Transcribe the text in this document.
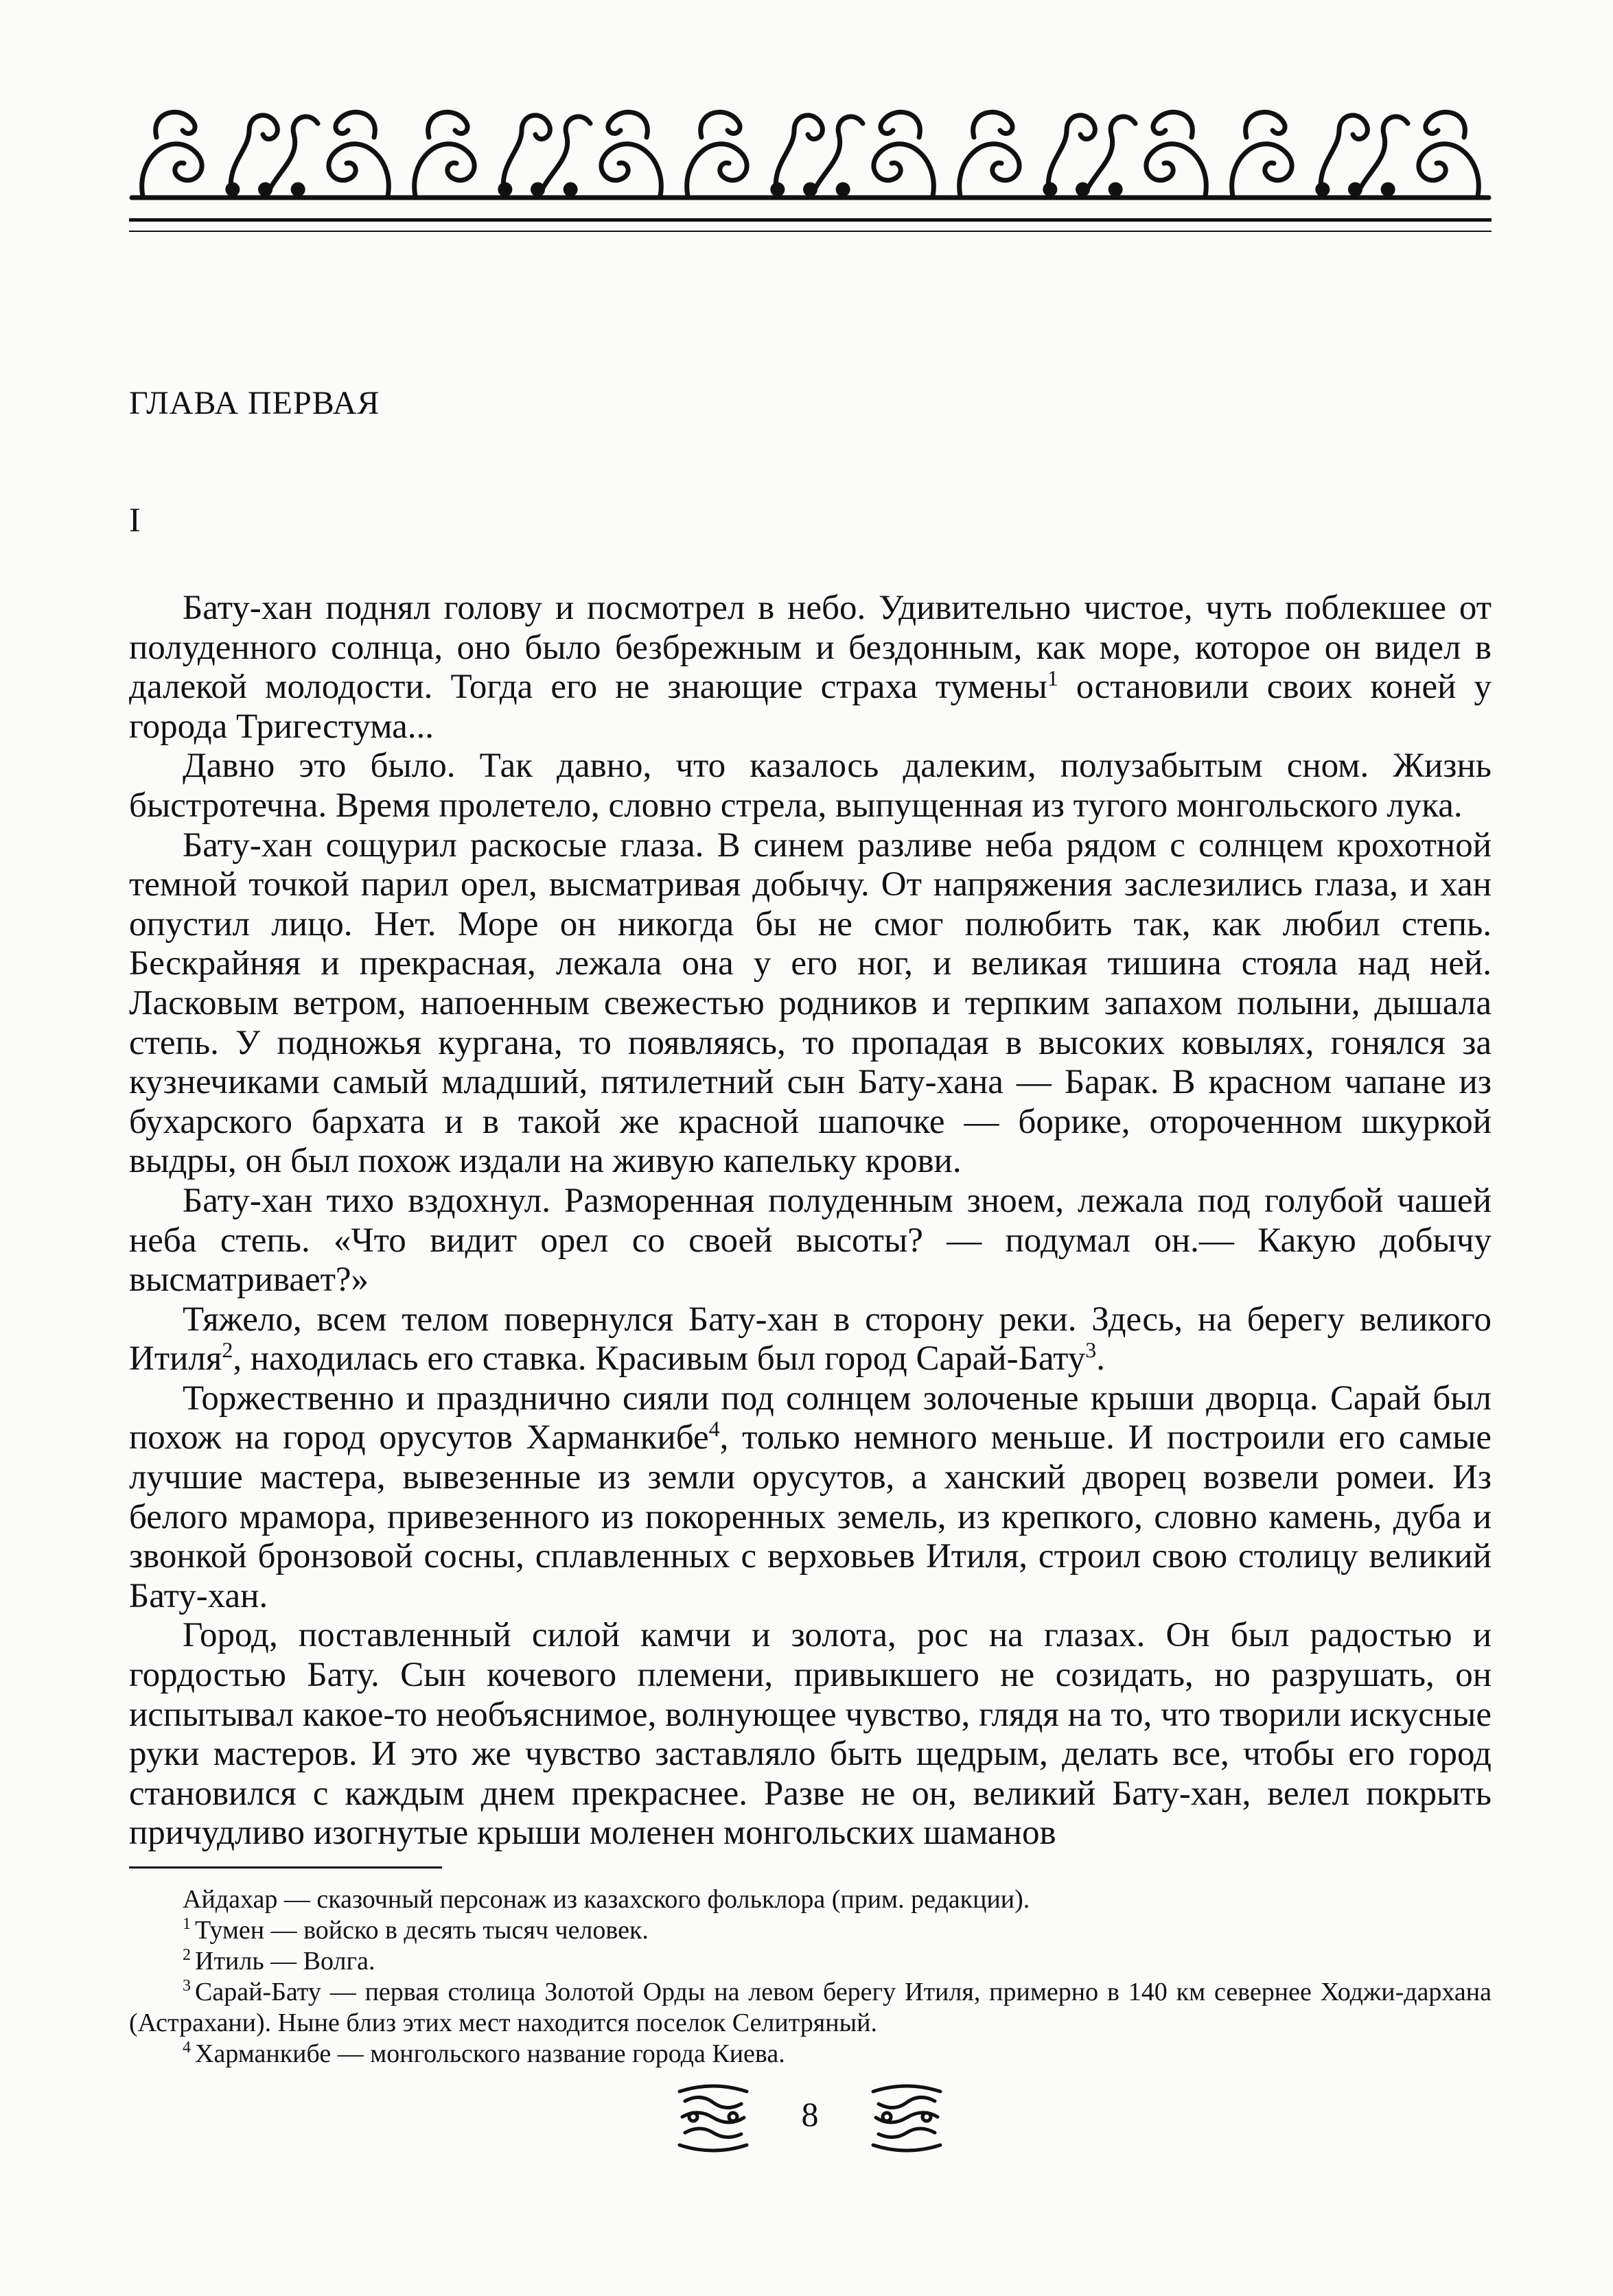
ГЛАВА ПЕРВАЯ
I

Бату-хан поднял голову и посмотрел в небо. Удивительно чистое, чуть поблекшее от полуденного солнца, оно было безбрежным и бездонным, как море, которое он видел в далекой молодости. Тогда его не знающие страха тумены$^1$ остановили своих коней у города Тригестума...

Давно это было. Так давно, что казалось далеким, полузабытым сном. Жизнь быстротечна. Время пролетело, словно стрела, выпущенная из тугого монгольского лука.

Бату-хан сощурил раскосые глаза. В синем разливе неба рядом с солнцем крохотной темной точкой парил орел, высматривая добычу. От напряжения заслезились глаза, и хан опустил лицо. Нет. Море он никогда бы не смог полюбить так, как любил степь. Бескрайняя и прекрасная, лежала она у его ног, и великая тишина стояла над ней. Ласковым ветром, напоенным свежестью родников и терпким запахом полыни, дышала степь. У подножья кургана, то появляясь, то пропадая в высоких ковылях, гонялся за кузнечиками самый младший, пятилетний сын Бату-хана — Барак. В красном чапане из бухарского бархата и в такой же красной шапочке — борике, отороченном шкуркой выдры, он был похож издали на живую капельку крови.

Бату-хан тихо вздохнул. Разморенная полуденным зноем, лежала под голубой чашей неба степь. «Что видит орел со своей высоты? — подумал он.— Какую добычу высматривает?»

Тяжело, всем телом повернулся Бату-хан в сторону реки. Здесь, на берегу великого Итиля$^2$, находилась его ставка. Красивым был город Сарай-Бату$^3$.

Торжественно и празднично сияли под солнцем золоченые крыши дворца. Сарай был похож на город орусутов Харманкибе$^4$, только немного меньше. И построили его самые лучшие мастера, вывезенные из земли орусутов, а ханский дворец возвели ромеи. Из белого мрамора, привезенного из покоренных земель, из крепкого, словно камень, дуба и звонкой бронзовой сосны, сплавленных с верховьев Итиля, строил свою столицу великий Бату-хан.

Город, поставленный силой камчи и золота, рос на глазах. Он был радостью и гордостью Бату. Сын кочевого племени, привыкшего не созидать, но разрушать, он испытывал какое-то необъяснимое, волнующее чувство, глядя на то, что творили искусные руки мастеров. И это же чувство заставляло быть щедрым, делать все, чтобы его город становился с каждым днем прекраснее. Разве не он, великий Бату-хан, велел покрыть причудливо изогнутые крыши моленен монгольских шаманов

Айдахар — сказочный персонаж из казахского фольклора (прим. редакции).

$^1$ Тумен — войско в десять тысяч человек.

$^2$ Итиль — Волга.

$^3$ Сарай-Бату — первая столица Золотой Орды на левом берегу Итиля, примерно в 140 км севернее Ходжи-дархана (Астрахани). Ныне близ этих мест находится поселок Селитряный.

$^4$ Харманкибе — монгольского название города Киева.

8
